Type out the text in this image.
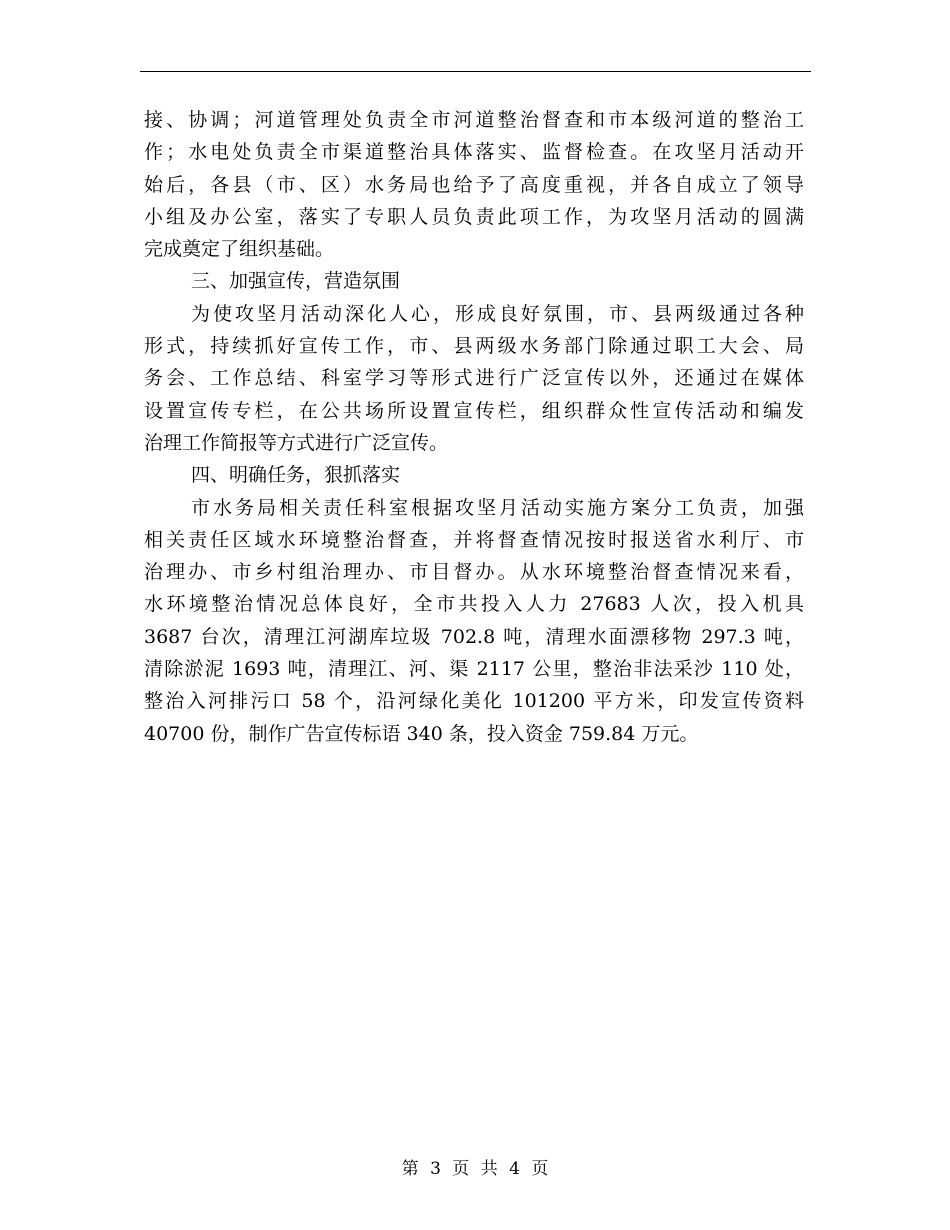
接、协调；河道管理处负责全市河道整治督查和市本级河道的整治工
作；水电处负责全市渠道整治具体落实、监督检查。在攻坚月活动开
始后，各县（市、区）水务局也给予了高度重视，并各自成立了领导
小组及办公室，落实了专职人员负责此项工作，为攻坚月活动的圆满
完成奠定了组织基础。
三、加强宣传，营造氛围
为使攻坚月活动深化人心，形成良好氛围，市、县两级通过各种
形式，持续抓好宣传工作，市、县两级水务部门除通过职工大会、局
务会、工作总结、科室学习等形式进行广泛宣传以外，还通过在媒体
设置宣传专栏，在公共场所设置宣传栏，组织群众性宣传活动和编发
治理工作简报等方式进行广泛宣传。
四、明确任务，狠抓落实
市水务局相关责任科室根据攻坚月活动实施方案分工负责，加强
相关责任区域水环境整治督查，并将督查情况按时报送省水利厅、市
治理办、市乡村组治理办、市目督办。从水环境整治督查情况来看，
水环境整治情况总体良好，全市共投入人力 27683 人次，投入机具
3687 台次，清理江河湖库垃圾 702.8 吨，清理水面漂移物 297.3 吨，
清除淤泥 1693 吨，清理江、河、渠 2117 公里，整治非法采沙 110 处，
整治入河排污口 58 个，沿河绿化美化 101200 平方米，印发宣传资料
40700 份，制作广告宣传标语 340 条，投入资金 759.84 万元。
第 3 页 共 4 页
